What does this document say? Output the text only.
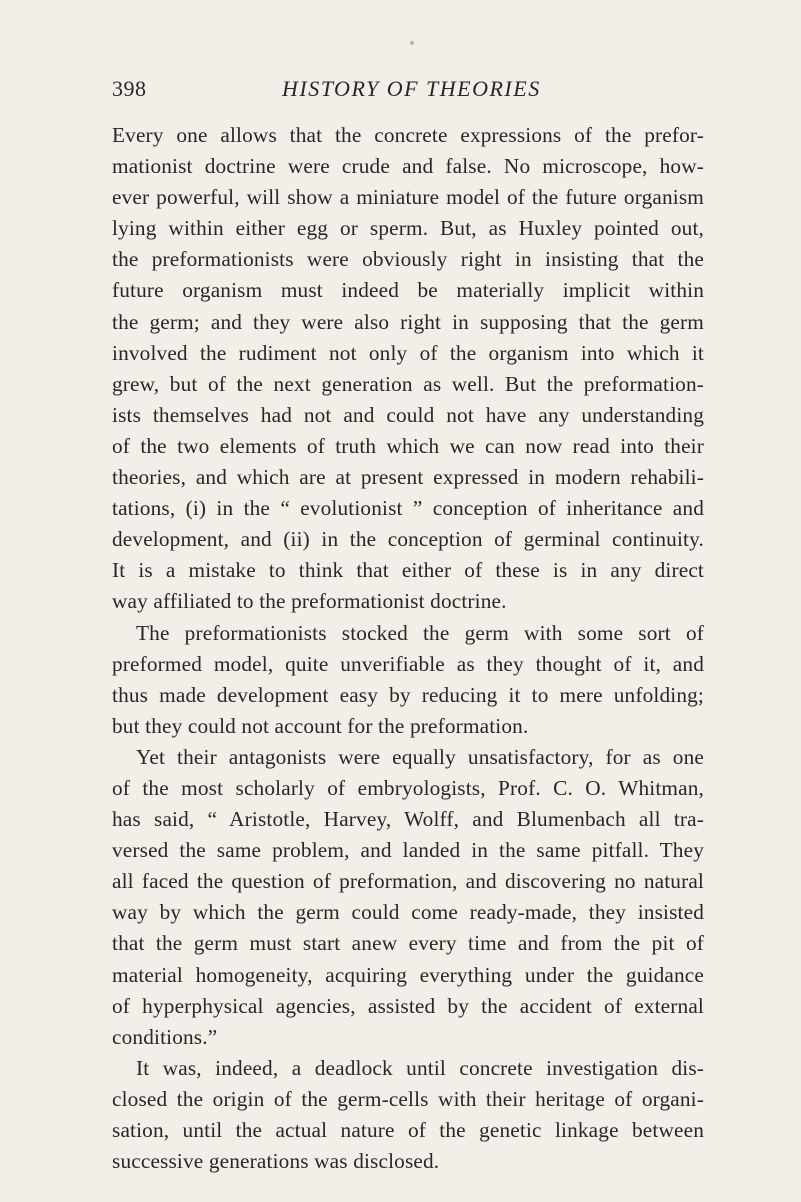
398	HISTORY OF THEORIES
Every one allows that the concrete expressions of the prefor-
mationist doctrine were crude and false. No microscope, how-
ever powerful, will show a miniature model of the future organism
lying within either egg or sperm. But, as Huxley pointed out,
the preformationists were obviously right in insisting that the
future organism must indeed be materially implicit within
the germ; and they were also right in supposing that the germ
involved the rudiment not only of the organism into which it
grew, but of the next generation as well. But the preformation-
ists themselves had not and could not have any understanding
of the two elements of truth which we can now read into their
theories, and which are at present expressed in modern rehabili-
tations, (i) in the “ evolutionist ” conception of inheritance and
development, and (ii) in the conception of germinal continuity.
It is a mistake to think that either of these is in any direct
way affiliated to the preformationist doctrine.
The preformationists stocked the germ with some sort of
preformed model, quite unverifiable as they thought of it, and
thus made development easy by reducing it to mere unfolding;
but they could not account for the preformation.
Yet their antagonists were equally unsatisfactory, for as one
of the most scholarly of embryologists, Prof. C. O. Whitman,
has said, “ Aristotle, Harvey, Wolff, and Blumenbach all tra-
versed the same problem, and landed in the same pitfall. They
all faced the question of preformation, and discovering no natural
way by which the germ could come ready-made, they insisted
that the germ must start anew every time and from the pit of
material homogeneity, acquiring everything under the guidance
of hyperphysical agencies, assisted by the accident of external
conditions.”
It was, indeed, a deadlock until concrete investigation dis-
closed the origin of the germ-cells with their heritage of organi-
sation, until the actual nature of the genetic linkage between
successive generations was disclosed.
